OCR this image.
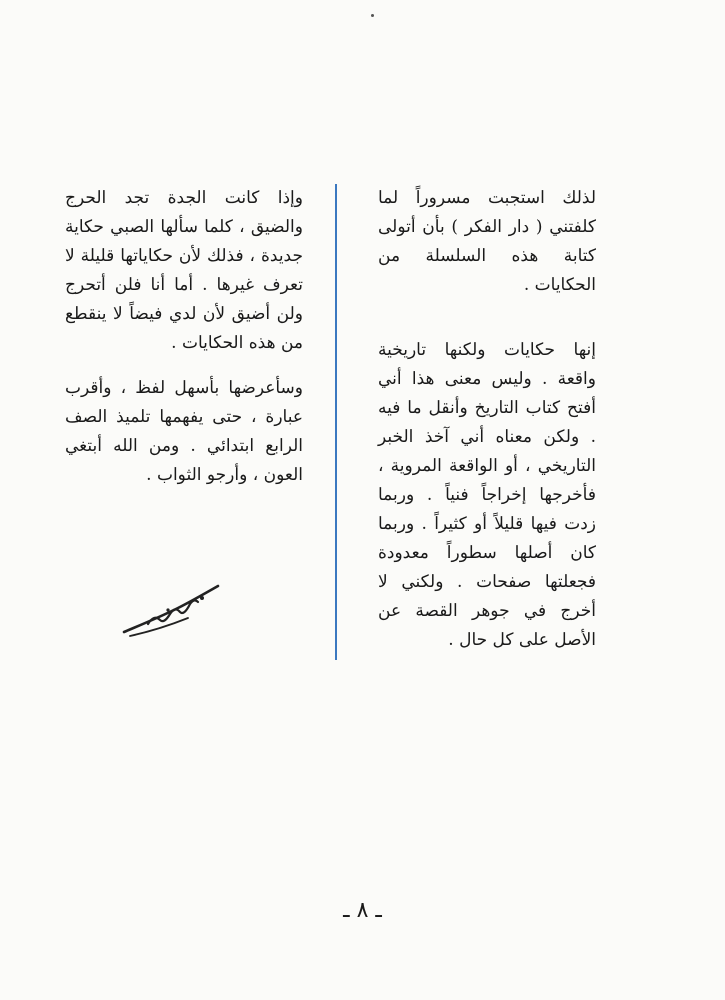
لذلك استجبت مسروراً لما كلفتني ( دار الفكر ) بأن أتولى كتابة هذه السلسلة من الحكايات .

إنها حكايات ولكنها تاريخية واقعة . وليس معنى هذا أني أفتح كتاب التاريخ وأنقل ما فيه . ولكن معناه أني آخذ الخبر التاريخي ، أو الواقعة المروية ، فأخرجها إخراجاً فنياً . وربما زدت فيها قليلاً أو كثيراً . وربما كان أصلها سطوراً معدودة فجعلتها صفحات . ولكني لا أخرج في جوهر القصة عن الأصل على كل حال .

وإذا كانت الجدة تجد الحرج والضيق ، كلما سألها الصبي حكاية جديدة ، فذلك لأن حكاياتها قليلة لا تعرف غيرها . أما أنا فلن أتحرج ولن أضيق لأن لدي فيضاً لا ينقطع من هذه الحكايات .

وسأعرضها بأسهل لفظ ، وأقرب عبارة ، حتى يفهمها تلميذ الصف الرابع ابتدائي . ومن الله أبتغي العون ، وأرجو الثواب .

ـ ٨ ـ
